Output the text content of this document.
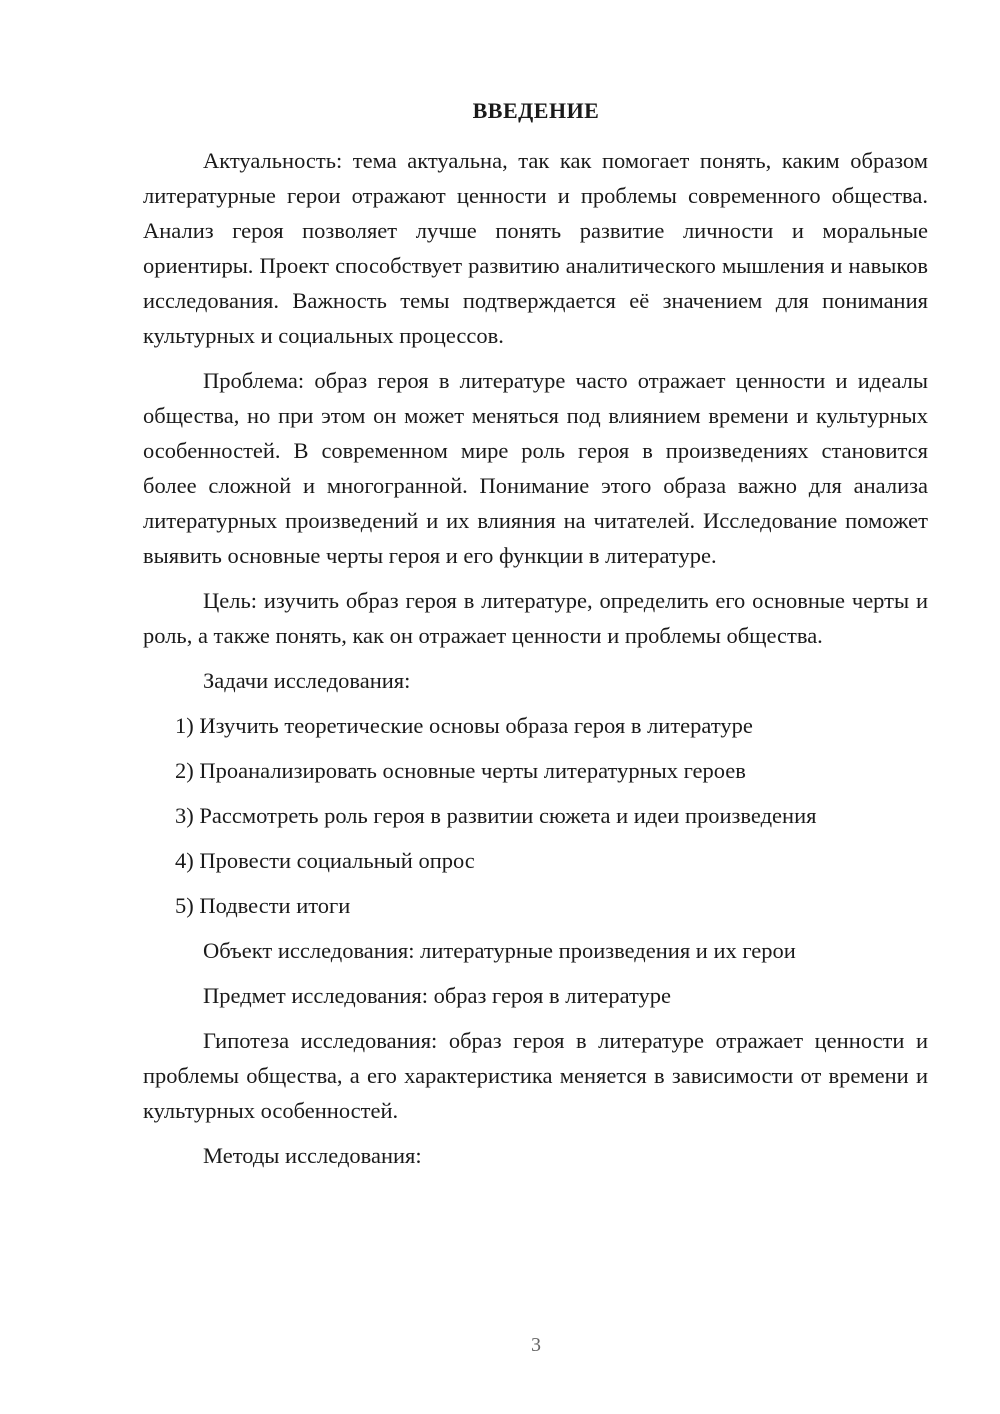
ВВЕДЕНИЕ

Актуальность: тема актуальна, так как помогает понять, каким образом литературные герои отражают ценности и проблемы современного общества. Анализ героя позволяет лучше понять развитие личности и моральные ориентиры. Проект способствует развитию аналитического мышления и навыков исследования. Важность темы подтверждается её значением для понимания культурных и социальных процессов.

Проблема: образ героя в литературе часто отражает ценности и идеалы общества, но при этом он может меняться под влиянием времени и культурных особенностей. В современном мире роль героя в произведениях становится более сложной и многогранной. Понимание этого образа важно для анализа литературных произведений и их влияния на читателей. Исследование поможет выявить основные черты героя и его функции в литературе.

Цель: изучить образ героя в литературе, определить его основные черты и роль, а также понять, как он отражает ценности и проблемы общества.

Задачи исследования:

1) Изучить теоретические основы образа героя в литературе
2) Проанализировать основные черты литературных героев
3) Рассмотреть роль героя в развитии сюжета и идеи произведения
4) Провести социальный опрос
5) Подвести итоги

Объект исследования: литературные произведения и их герои

Предмет исследования: образ героя в литературе

Гипотеза исследования: образ героя в литературе отражает ценности и проблемы общества, а его характеристика меняется в зависимости от времени и культурных особенностей.

Методы исследования:

3
